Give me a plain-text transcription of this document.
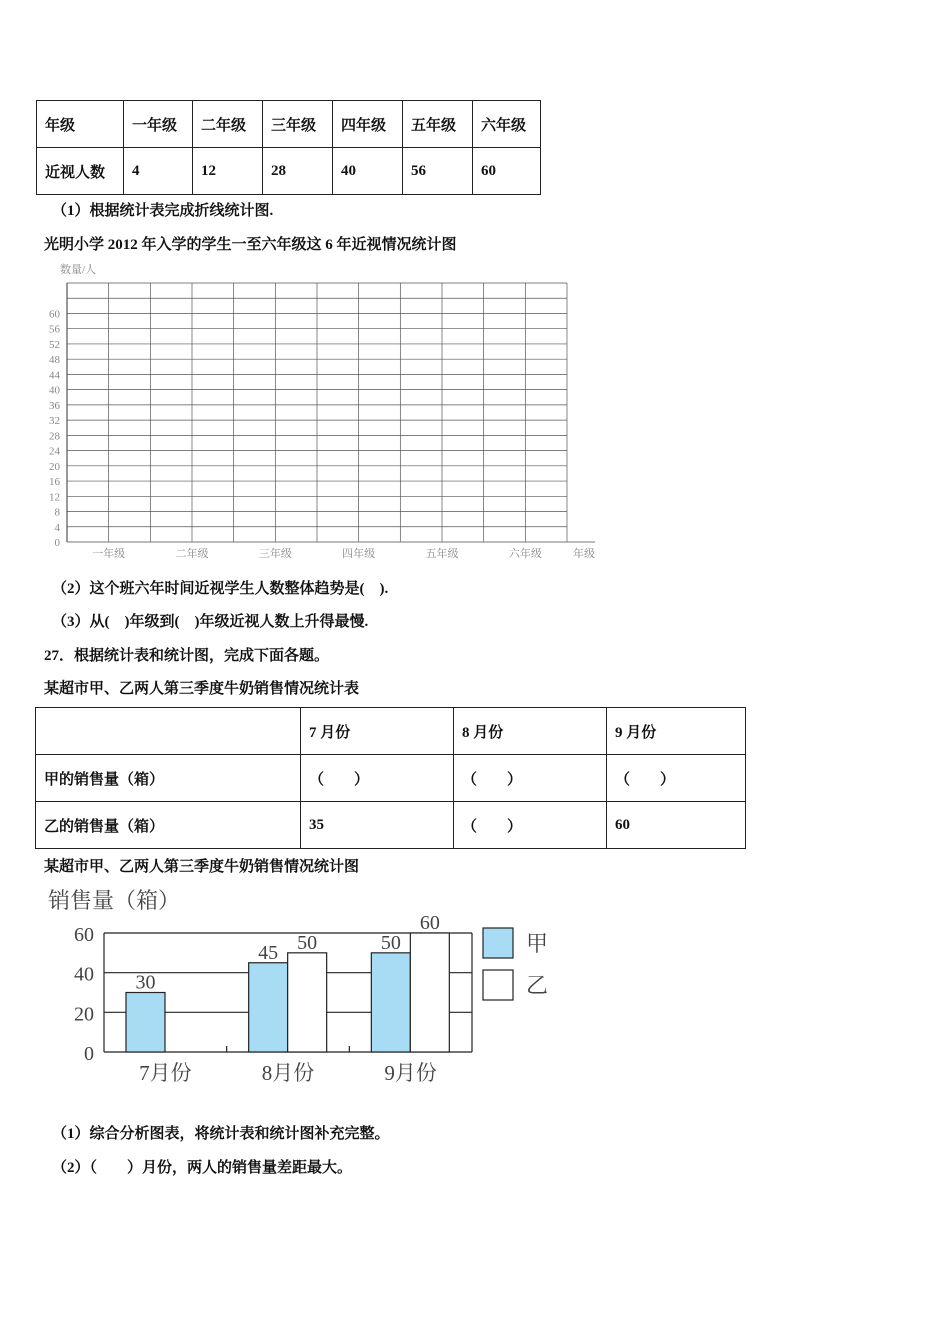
年级	一年级	二年级	三年级	四年级	五年级	六年级
近视人数	4	12	28	40	56	60
（1）根据统计表完成折线统计图.
光明小学 2012 年入学的学生一至六年级这 6 年近视情况统计图
数量/人
年级
0
4
8
12
16
20
24
28
32
36
40
44
48
52
56
60
一年级	二年级	三年级	四年级	五年级	六年级
（2）这个班六年时间近视学生人数整体趋势是(　).
（3）从(　)年级到(　)年级近视人数上升得最慢.
27．根据统计表和统计图，完成下面各题。
某超市甲、乙两人第三季度牛奶销售情况统计表
	7 月份	8 月份	9 月份
甲的销售量（箱）	（　　）	（　　）	（　　）
乙的销售量（箱）	35	（　　）	60
某超市甲、乙两人第三季度牛奶销售情况统计图
销售量（箱）
0
20
40
60
30
7月份
45 50
8月份
50
60
9月份
甲
乙
（1）综合分析图表，将统计表和统计图补充完整。
（2）（　　）月份，两人的销售量差距最大。
